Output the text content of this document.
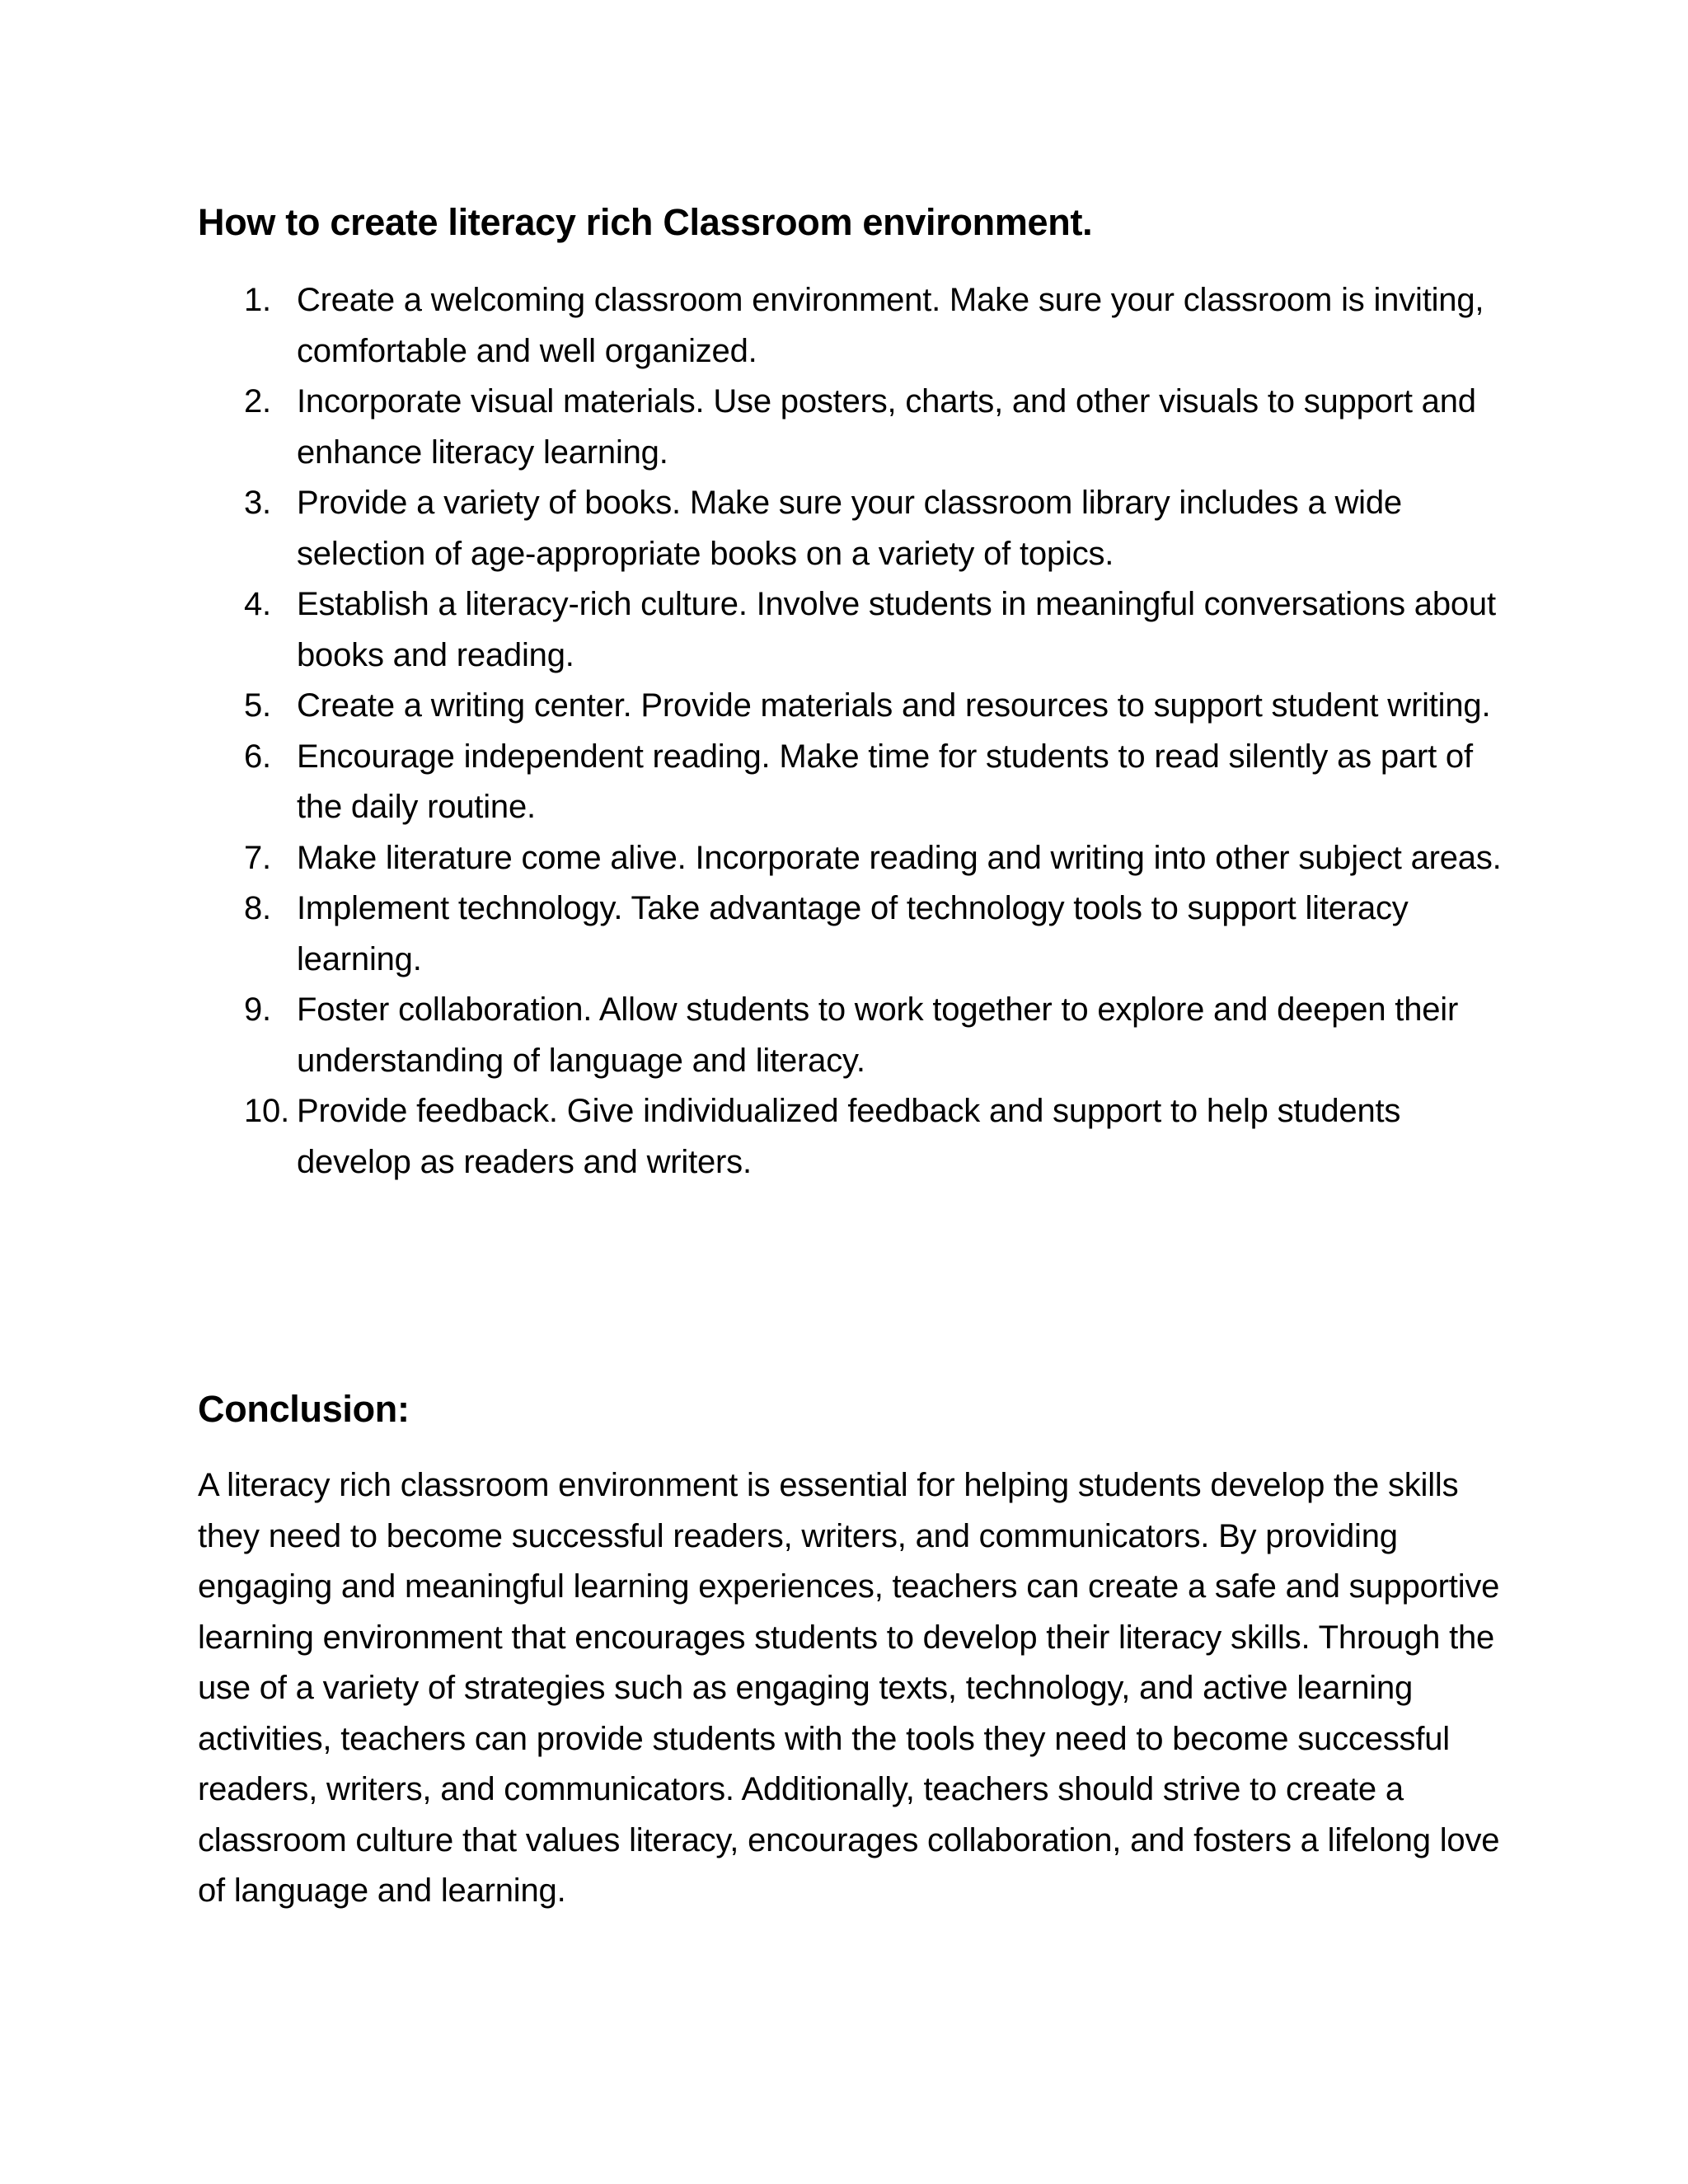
How to create literacy rich Classroom environment.
1. Create a welcoming classroom environment. Make sure your classroom is inviting, comfortable and well organized.
2. Incorporate visual materials. Use posters, charts, and other visuals to support and enhance literacy learning.
3. Provide a variety of books. Make sure your classroom library includes a wide selection of age-appropriate books on a variety of topics.
4. Establish a literacy-rich culture. Involve students in meaningful conversations about books and reading.
5. Create a writing center. Provide materials and resources to support student writing.
6. Encourage independent reading. Make time for students to read silently as part of the daily routine.
7. Make literature come alive. Incorporate reading and writing into other subject areas.
8. Implement technology. Take advantage of technology tools to support literacy learning.
9. Foster collaboration. Allow students to work together to explore and deepen their understanding of language and literacy.
10. Provide feedback. Give individualized feedback and support to help students develop as readers and writers.
Conclusion:

A literacy rich classroom environment is essential for helping students develop the skills they need to become successful readers, writers, and communicators. By providing engaging and meaningful learning experiences, teachers can create a safe and supportive learning environment that encourages students to develop their literacy skills. Through the use of a variety of strategies such as engaging texts, technology, and active learning activities, teachers can provide students with the tools they need to become successful readers, writers, and communicators. Additionally, teachers should strive to create a classroom culture that values literacy, encourages collaboration, and fosters a lifelong love of language and learning.
